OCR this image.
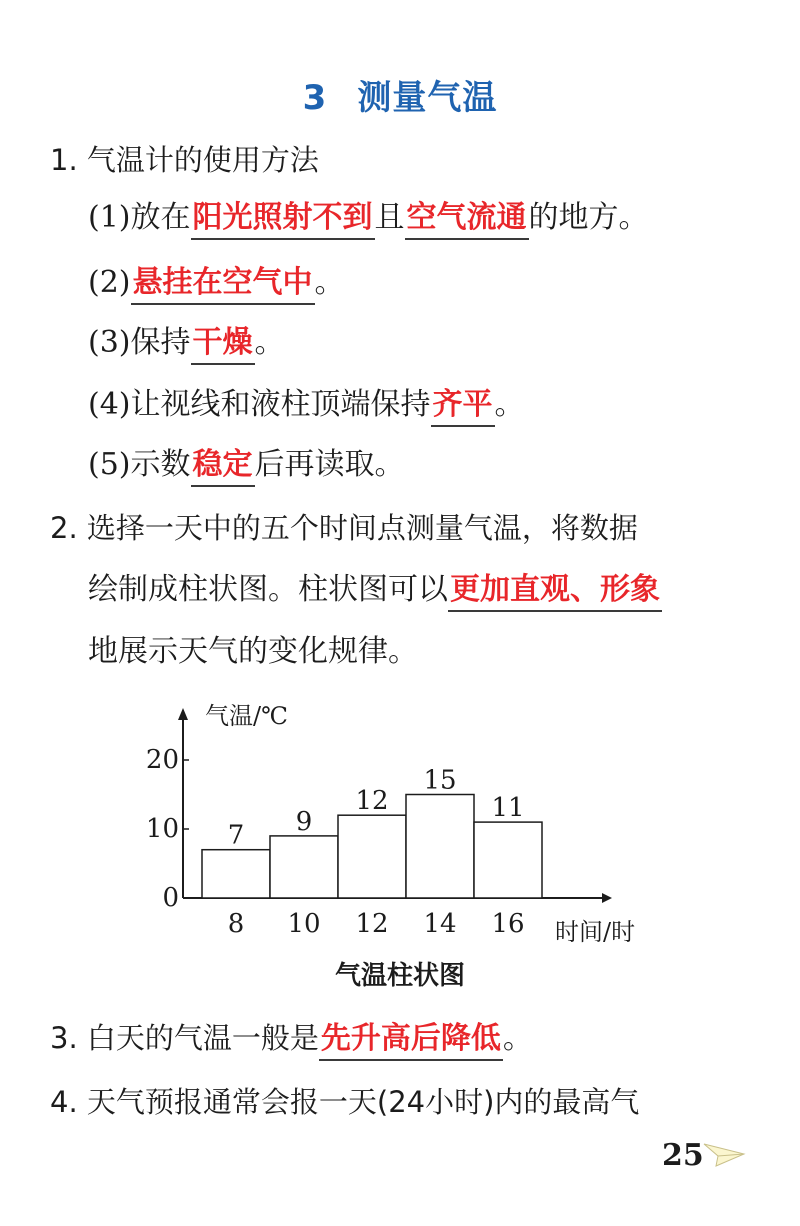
3 测量气温
1. 气温计的使用方法
(1)放在阳光照射不到且空气流通的地方。
(2)悬挂在空气中。
(3)保持干燥。
(4)让视线和液柱顶端保持齐平。
(5)示数稳定后再读取。
2. 选择一天中的五个时间点测量气温，将数据
绘制成柱状图。柱状图可以更加直观、形象
地展示天气的变化规律。
0
10
20
气温/℃
7
8
9
10
12
12
15
14
11
16 时间/时
气温柱状图
3. 白天的气温一般是先升高后降低。
4. 天气预报通常会报一天(24小时)内的最高气
25
